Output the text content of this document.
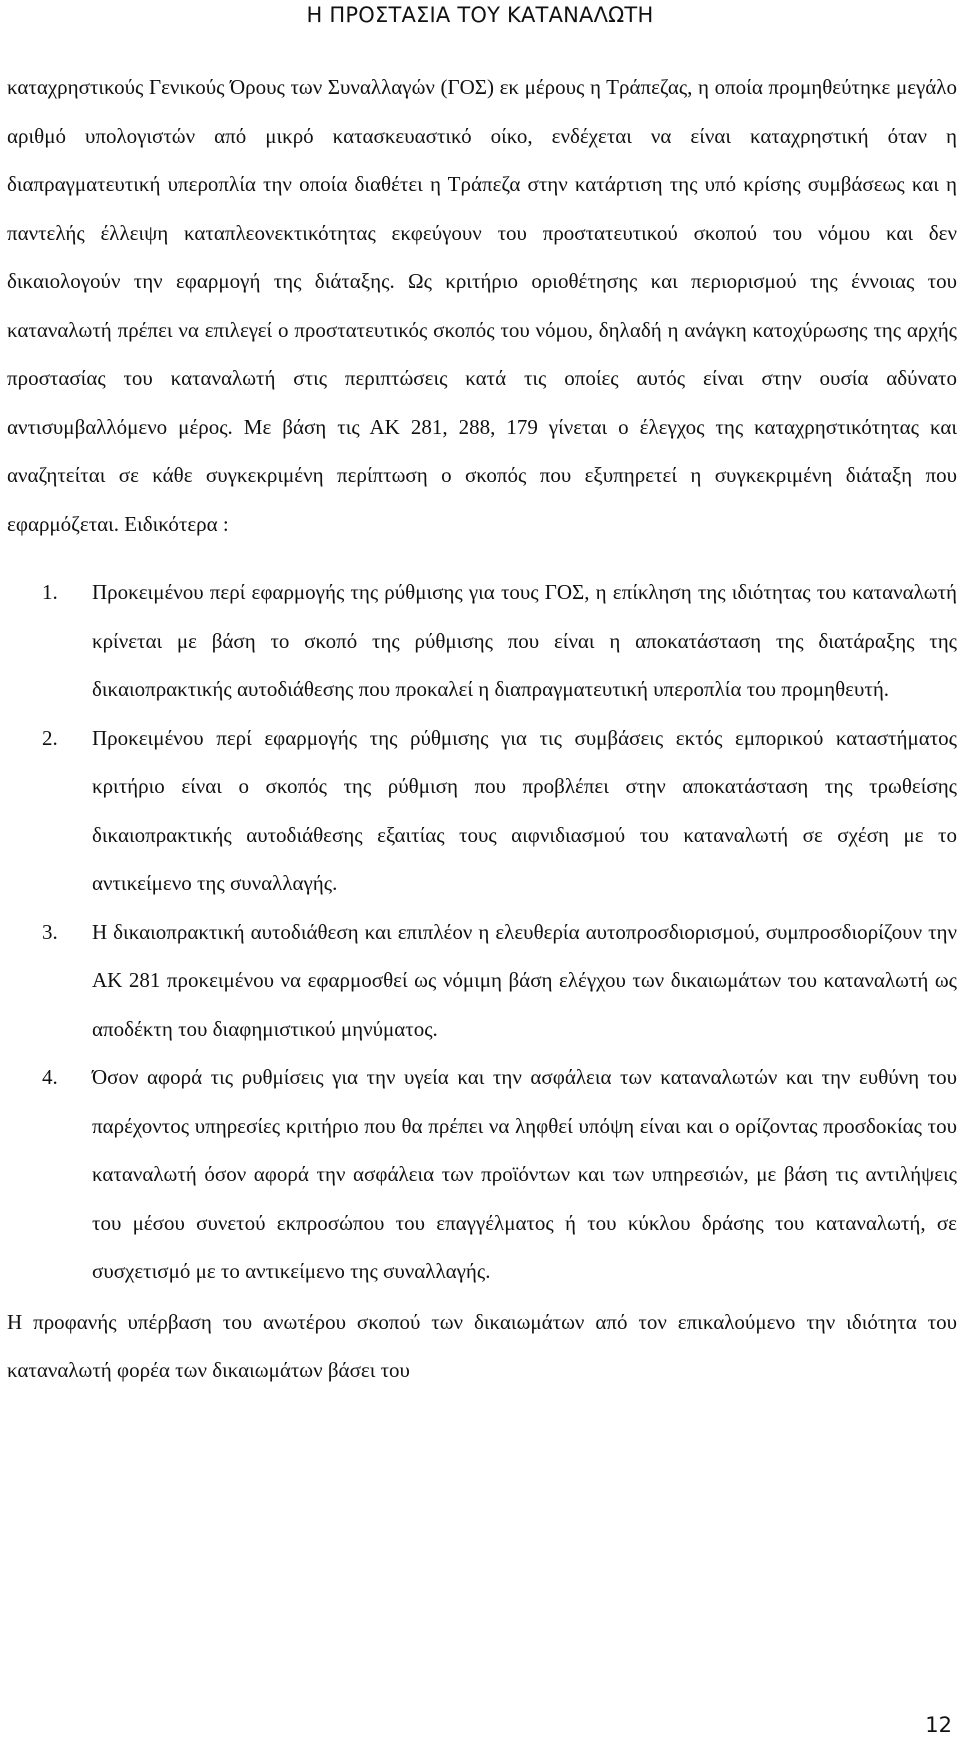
Η ΠΡΟΣΤΑΣΙΑ ΤΟΥ ΚΑΤΑΝΑΛΩΤΗ

καταχρηστικούς Γενικούς Όρους των Συναλλαγών (ΓΟΣ) εκ μέρους η Τράπεζας, η οποία προμηθεύτηκε μεγάλο αριθμό υπολογιστών από μικρό κατασκευαστικό οίκο, ενδέχεται να είναι καταχρηστική όταν η διαπραγματευτική υπεροπλία την οποία διαθέτει η Τράπεζα στην κατάρτιση της υπό κρίσης συμβάσεως και η παντελής έλλειψη καταπλεονεκτικότητας εκφεύγουν του προστατευτικού σκοπού του νόμου και δεν δικαιολογούν την εφαρμογή της διάταξης. Ως κριτήριο οριοθέτησης και περιορισμού της έννοιας του καταναλωτή πρέπει να επιλεγεί ο προστατευτικός σκοπός του νόμου, δηλαδή η ανάγκη κατοχύρωσης της αρχής προστασίας του καταναλωτή στις περιπτώσεις κατά τις οποίες αυτός είναι στην ουσία αδύνατο αντισυμβαλλόμενο μέρος. Με βάση τις ΑΚ 281, 288, 179 γίνεται ο έλεγχος της καταχρηστικότητας και αναζητείται σε κάθε συγκεκριμένη περίπτωση ο σκοπός που εξυπηρετεί η συγκεκριμένη διάταξη που εφαρμόζεται. Ειδικότερα :

1.	Προκειμένου περί εφαρμογής της ρύθμισης για τους ΓΟΣ, η επίκληση της ιδιότητας του καταναλωτή κρίνεται με βάση το σκοπό της ρύθμισης που είναι η αποκατάσταση της διατάραξης της δικαιοπρακτικής αυτοδιάθεσης που προκαλεί η διαπραγματευτική υπεροπλία του προμηθευτή.

2.	Προκειμένου περί εφαρμογής της ρύθμισης για τις συμβάσεις εκτός εμπορικού καταστήματος κριτήριο είναι ο σκοπός της ρύθμιση που προβλέπει στην αποκατάσταση της τρωθείσης δικαιοπρακτικής αυτοδιάθεσης εξαιτίας τους αιφνιδιασμού του καταναλωτή σε σχέση με το αντικείμενο της συναλλαγής.

3.	Η δικαιοπρακτική αυτοδιάθεση και επιπλέον η ελευθερία αυτοπροσδιορισμού, συμπροσδιορίζουν την ΑΚ 281 προκειμένου να εφαρμοσθεί ως νόμιμη βάση ελέγχου των δικαιωμάτων του καταναλωτή ως αποδέκτη του διαφημιστικού μηνύματος.

4.	Όσον αφορά τις ρυθμίσεις για την υγεία και την ασφάλεια των καταναλωτών και την ευθύνη του παρέχοντος υπηρεσίες κριτήριο που θα πρέπει να ληφθεί υπόψη είναι και ο ορίζοντας προσδοκίας του καταναλωτή όσον αφορά την ασφάλεια των προϊόντων και των υπηρεσιών, με βάση τις αντιλήψεις του μέσου συνετού εκπροσώπου του επαγγέλματος ή του κύκλου δράσης του καταναλωτή, σε συσχετισμό με το αντικείμενο της συναλλαγής.

Η προφανής υπέρβαση του ανωτέρου σκοπού των δικαιωμάτων από τον επικαλούμενο την ιδιότητα του καταναλωτή φορέα των δικαιωμάτων βάσει του

12
